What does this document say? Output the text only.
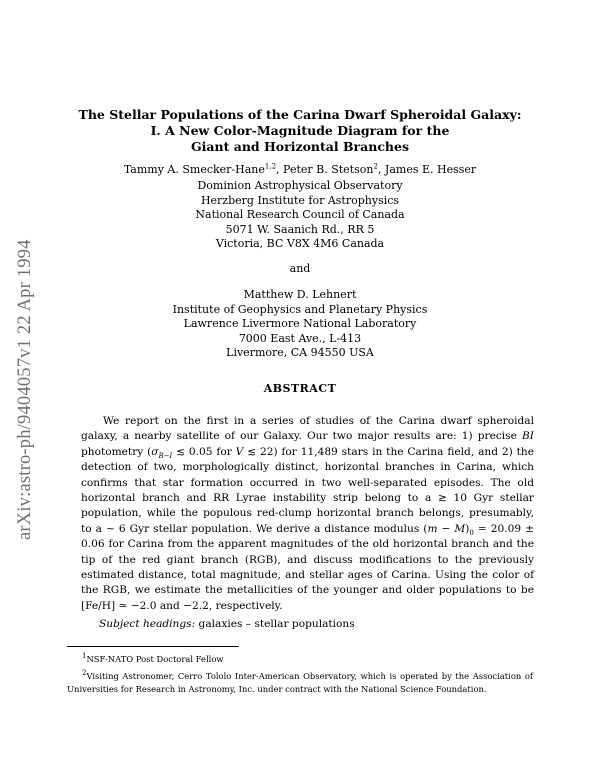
arXiv:astro-ph/9404057v1 22 Apr 1994
The Stellar Populations of the Carina Dwarf Spheroidal Galaxy:
I. A New Color-Magnitude Diagram for the
Giant and Horizontal Branches
Tammy A. Smecker-Hane$^{1,2}$, Peter B. Stetson$^2$, James E. Hesser
Dominion Astrophysical Observatory
Herzberg Institute for Astrophysics
National Research Council of Canada
5071 W. Saanich Rd., RR 5
Victoria, BC V8X 4M6 Canada
and
Matthew D. Lehnert
Institute of Geophysics and Planetary Physics
Lawrence Livermore National Laboratory
7000 East Ave., L-413
Livermore, CA 94550 USA
ABSTRACT

We report on the first in a series of studies of the Carina dwarf spheroidal galaxy, a nearby satellite of our Galaxy. Our two major results are: 1) precise BI photometry ($\sigma_{B-I}$ ≲ 0.05 for V ≲ 22) for 11,489 stars in the Carina field, and 2) the detection of two, morphologically distinct, horizontal branches in Carina, which confirms that star formation occurred in two well-separated episodes. The old horizontal branch and RR Lyrae instability strip belong to a ≳ 10 Gyr stellar population, while the populous red-clump horizontal branch belongs, presumably, to a ∼ 6 Gyr stellar population. We derive a distance modulus $(m - M)_0 = 20.09 \pm 0.06$ for Carina from the apparent magnitudes of the old horizontal branch and the tip of the red giant branch (RGB), and discuss modifications to the previously estimated distance, total magnitude, and stellar ages of Carina. Using the color of the RGB, we estimate the metallicities of the younger and older populations to be [Fe/H] ≃ −2.0 and −2.2, respectively.

Subject headings: galaxies – stellar populations
$^1$NSF-NATO Post Doctoral Fellow
$^2$Visiting Astronomer, Cerro Tololo Inter-American Observatory, which is operated by the Association of Universities for Research in Astronomy, Inc. under contract with the National Science Foundation.
